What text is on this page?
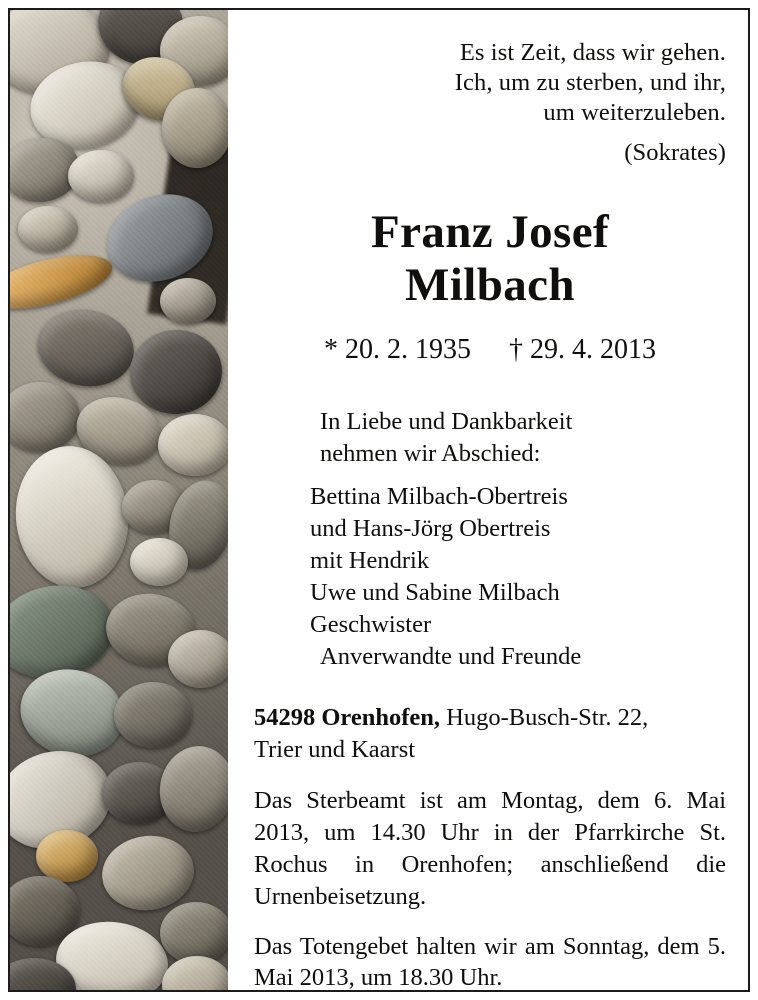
Es ist Zeit, dass wir gehen.
Ich, um zu sterben, und ihr,
um weiterzuleben.
(Sokrates)
Franz Josef
Milbach
* 20. 2. 1935 † 29. 4. 2013
In Liebe und Dankbarkeit
nehmen wir Abschied:
Bettina Milbach-Obertreis
und Hans-Jörg Obertreis
mit Hendrik
Uwe und Sabine Milbach
Geschwister
Anverwandte und Freunde
54298 Orenhofen, Hugo-Busch-Str. 22,
Trier und Kaarst
Das Sterbeamt ist am Montag, dem 6. Mai 2013, um 14.30 Uhr in der Pfarrkirche St. Rochus in Orenhofen; anschließend die Urnenbeisetzung.
Das Totengebet halten wir am Sonntag, dem 5. Mai 2013, um 18.30 Uhr.
